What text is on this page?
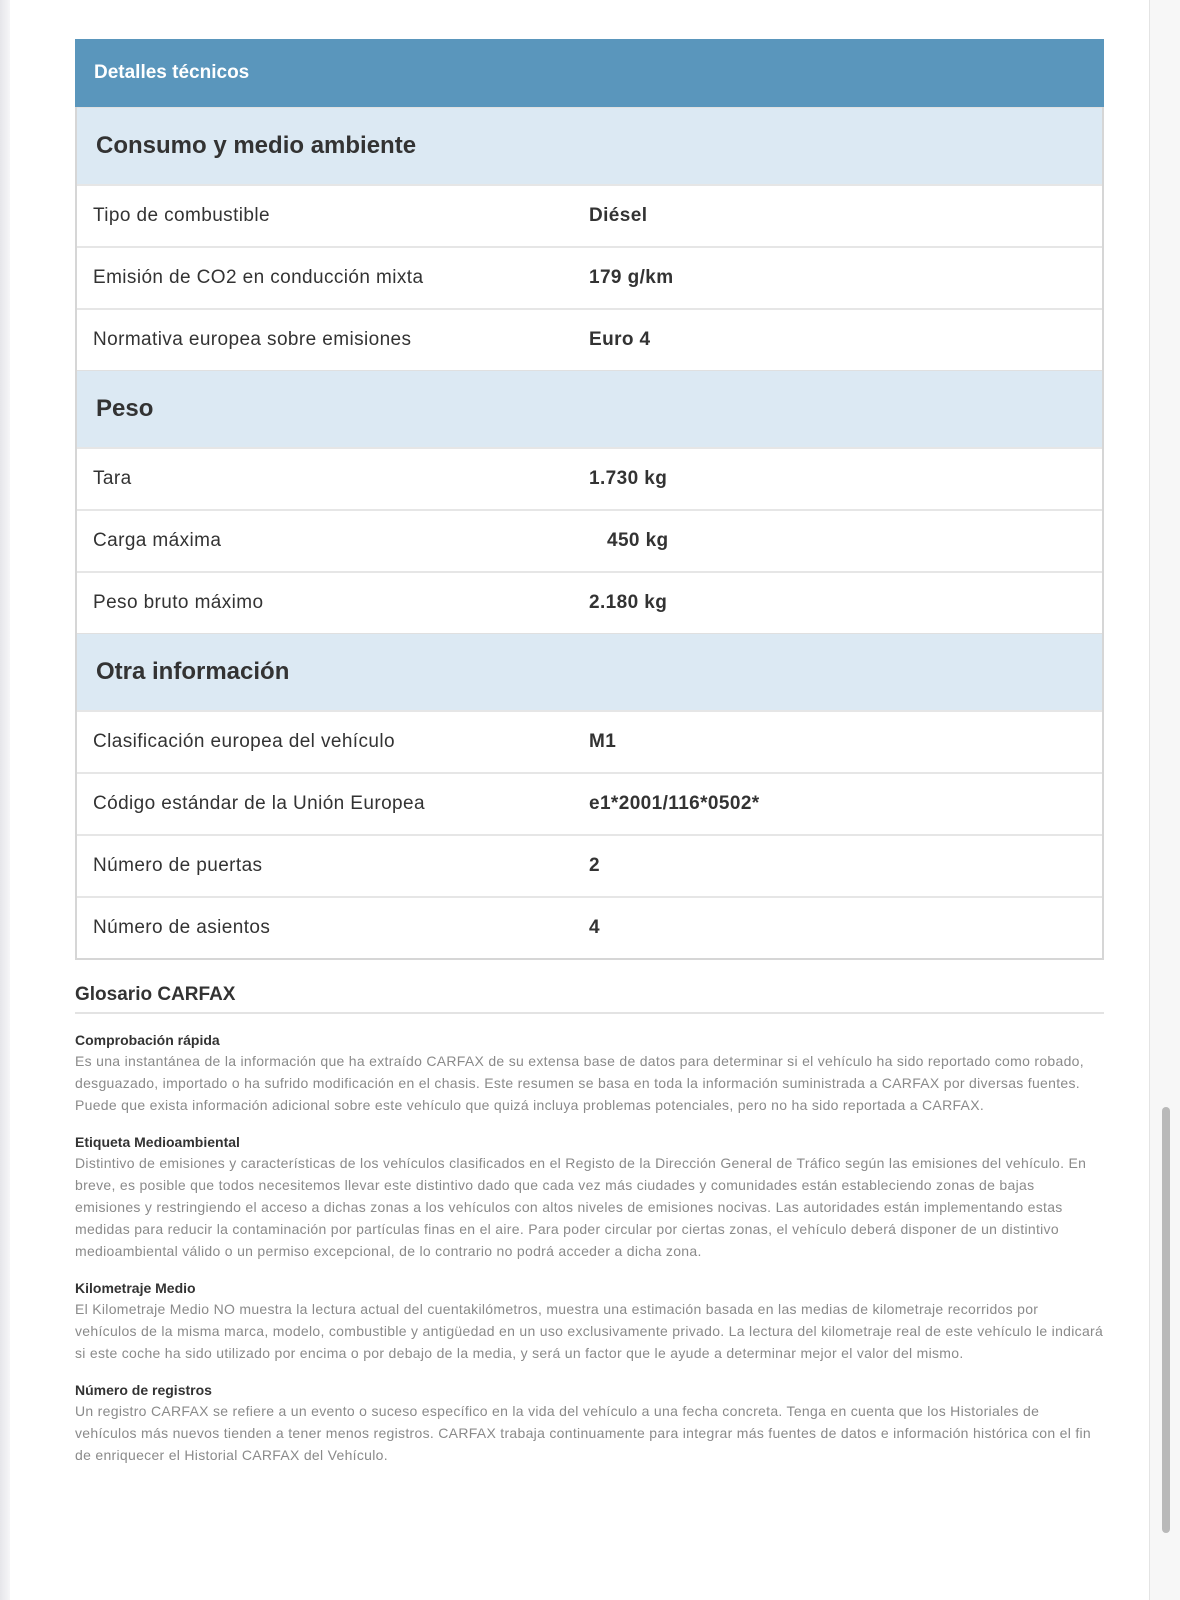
Detalles técnicos
Consumo y medio ambiente
Tipo de combustible	Diésel
Emisión de CO2 en conducción mixta	179 g/km
Normativa europea sobre emisiones	Euro 4
Peso
Tara	1.730 kg
Carga máxima	450 kg
Peso bruto máximo	2.180 kg
Otra información
Clasificación europea del vehículo	M1
Código estándar de la Unión Europea	e1*2001/116*0502*
Número de puertas	2
Número de asientos	4
Glosario CARFAX
Comprobación rápida
Es una instantánea de la información que ha extraído CARFAX de su extensa base de datos para determinar si el vehículo ha sido reportado como robado, desguazado, importado o ha sufrido modificación en el chasis. Este resumen se basa en toda la información suministrada a CARFAX por diversas fuentes. Puede que exista información adicional sobre este vehículo que quizá incluya problemas potenciales, pero no ha sido reportada a CARFAX.
Etiqueta Medioambiental
Distintivo de emisiones y características de los vehículos clasificados en el Registo de la Dirección General de Tráfico según las emisiones del vehículo. En breve, es posible que todos necesitemos llevar este distintivo dado que cada vez más ciudades y comunidades están estableciendo zonas de bajas emisiones y restringiendo el acceso a dichas zonas a los vehículos con altos niveles de emisiones nocivas. Las autoridades están implementando estas medidas para reducir la contaminación por partículas finas en el aire. Para poder circular por ciertas zonas, el vehículo deberá disponer de un distintivo medioambiental válido o un permiso excepcional, de lo contrario no podrá acceder a dicha zona.
Kilometraje Medio
El Kilometraje Medio NO muestra la lectura actual del cuentakilómetros, muestra una estimación basada en las medias de kilometraje recorridos por vehículos de la misma marca, modelo, combustible y antigüedad en un uso exclusivamente privado. La lectura del kilometraje real de este vehículo le indicará si este coche ha sido utilizado por encima o por debajo de la media, y será un factor que le ayude a determinar mejor el valor del mismo.
Número de registros
Un registro CARFAX se refiere a un evento o suceso específico en la vida del vehículo a una fecha concreta. Tenga en cuenta que los Historiales de vehículos más nuevos tienden a tener menos registros. CARFAX trabaja continuamente para integrar más fuentes de datos e información histórica con el fin de enriquecer el Historial CARFAX del Vehículo.
